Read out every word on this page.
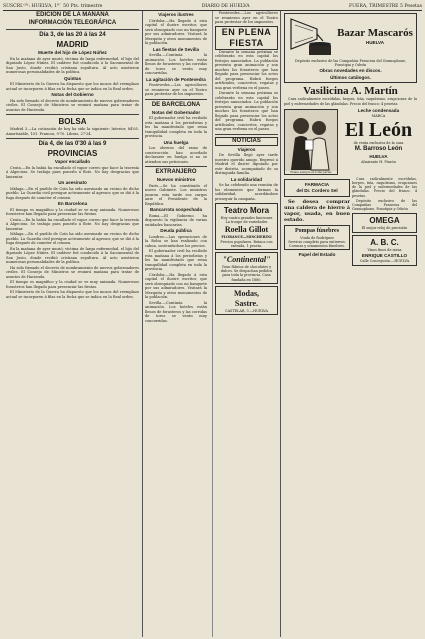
SUSCRI.ᴼᴺ: HUELVA, 1ᴿ˙ 50 Pts. trimestre	DIARIO DE HUELVA	FUERA, TRIMESTRE 5 Pesetas
EDICIÓN DE LA MAÑANA
INFORMACIÓN TELEGRÁFICA
Día 3, de las 20 á las 24
MADRID
Muerte del hijo de López Núñez
En la mañana de ayer murió, víctima de larga enfermedad, el hijo del diputado López Núñez. El cadáver fué conducido á la Sacramental de San Justo, donde recibió cristiana sepultura. Al acto asistieron numerosas personalidades de la política.
Quintas
El Ministerio de la Guerra ha dispuesto que los mozos del reemplazo actual se incorporen á filas en la fecha que se indica en la Real orden.
Notas del Gobierno
Ha sido firmado el decreto de nombramiento de nuevos gobernadores civiles. El Consejo de Ministros se reunirá mañana para tratar de asuntos de Hacienda.
BOLSA
Madrid 3.—La cotización de hoy ha sido la siguiente: Interior, 84'05. Amortizable, 101. Francos, 9'70. Libras, 27'24.
Día 4, de las 0'30 á las 9
PROVINCIAS
Vapor encallado
Ceuta.—En la bahía ha encallado el vapor correo que hace la travesía á Algeciras. Se trabaja para ponerlo á flote. No hay desgracias que lamentar.
Un asesinato
Málaga.—En el pueblo de Coín ha sido asesinado un vecino de dicho pueblo. La Guardia civil persigue activamente al agresor, que se dió á la fuga después de cometer el crimen.
En Barcelona
El tiempo es magnífico y la ciudad se ve muy animada. Numerosos forasteros han llegado para presenciar las fiestas.
Ceuta.—En la bahía ha encallado el vapor correo que hace la travesía á Algeciras. Se trabaja para ponerlo á flote. No hay desgracias que lamentar.
Málaga.—En el pueblo de Coín ha sido asesinado un vecino de dicho pueblo. La Guardia civil persigue activamente al agresor, que se dió á la fuga después de cometer el crimen.
En la mañana de ayer murió, víctima de larga enfermedad, el hijo del diputado López Núñez. El cadáver fué conducido á la Sacramental de San Justo, donde recibió cristiana sepultura. Al acto asistieron numerosas personalidades de la política.
Ha sido firmado el decreto de nombramiento de nuevos gobernadores civiles. El Consejo de Ministros se reunirá mañana para tratar de asuntos de Hacienda.
El tiempo es magnífico y la ciudad se ve muy animada. Numerosos forasteros han llegado para presenciar las fiestas.
El Ministerio de la Guerra ha dispuesto que los mozos del reemplazo actual se incorporen á filas en la fecha que se indica en la Real orden.
Viajeros ilustres
Córdoba.—Ha llegado á esta capital el ilustre escritor, que será obsequiado con un banquete por sus admiradores. Visitará la Mezquita y otros monumentos de la población.
Las fiestas de Sevilla
Sevilla.—Continúa la animación. Los hoteles están llenos de forasteros y las corridas de toros se verán muy concurridas.
La agitación de Pontevedra
Pontevedra.—Los agricultores se reunieron ayer en el Teatro para protestar de los impuestos.
DE BARCELONA
Notas del Gobernador
El gobernador civil ha recibido esta mañana á los periodistas y les ha manifestado que reina tranquilidad completa en toda la provincia.
Una huelga
Los obreros del ramo de construcción han acordado declararse en huelga si no se atienden sus peticiones.
EXTRANJERO
Nuevos ministros
París.—Se ha constituido el nuevo Gabinete. Los ministros juraron esta tarde sus cargos ante el Presidente de la República.
Bancarrota sospechada
Roma.—El Gobierno ha dispuesto la vigilancia de varias entidades bancarias.
Deuda pública
Londres.—Las operaciones de la Bolsa se han realizado con calma, sosteniéndose los precios.
El gobernador civil ha recibido esta mañana á los periodistas y les ha manifestado que reina tranquilidad completa en toda la provincia.
Córdoba.—Ha llegado á esta capital el ilustre escritor, que será obsequiado con un banquete por sus admiradores. Visitará la Mezquita y otros monumentos de la población.
Sevilla.—Continúa la animación. Los hoteles están llenos de forasteros y las corridas de toros se verán muy concurridas.
Pontevedra.—Los agricultores se reunieron ayer en el Teatro para protestar de los impuestos.
EN PLENA FIESTA
Durante la semana próxima se celebrarán en esta capital los festejos anunciados. La población presenta gran animación y son muchos los forasteros que han llegado para presenciar los actos del programa. Habrá fuegos artificiales, conciertos, regatas y una gran verbena en el paseo.
Durante la semana próxima se celebrarán en esta capital los festejos anunciados. La población presenta gran animación y son muchos los forasteros que han llegado para presenciar los actos del programa. Habrá fuegos artificiales, conciertos, regatas y una gran verbena en el paseo.
NOTICIAS
Viajeros
De Sevilla llegó ayer tarde nuestro querido amigo. Regresó á Madrid el ilustre diputado por este distrito, acompañado de su distinguida familia.
La solidaridad
Se ha celebrado una reunión de los elementos que forman la solidaridad, acordándose proseguir la campaña.
Teatro Mora
Hoy cuatro grandes funciones
La troupe de variedades
Roella Gillot
FLORANCE—MISCHERINI
Precios populares. Butaca con entrada, 1 peseta.
"Continental"
Gran fábrica de chocolates y dulces. Se despachan pedidos para toda la provincia. Casa fundada en 1880.
Modas,
Sastre.
CASTELAR, 3.—HUELVA
Bazar Mascarós
HUELVA
Depósito exclusivo de las Compañías Francesa del Gramophone, Fonotipia y Odeón
Obras novedades en discos.
Últimos catálogos.
Vasilicina A. Martín
Cura radicalmente escrófulas, herpes, tiña, raquitismo, erupciones de la piel y enfermedades de las glándulas. Precio del frasco: 4 pesetas.
Pídase siempre en todas partes
Leche condensada
MARCA
El León
de venta exclusiva de la casa
M. Barroso León
HUELVA
Almirante H. Pinzón
FARMACIA
del Dr. Cordero Sel
Se desea comprar una caldera de hierro á vapor, usada, en buen estado.
Pompas fúnebres
Viuda de Rodríguez
Servicio completo para entierros. Coronas y ornamentos fúnebres.
Papel del Estado
Cura radicalmente escrófulas, herpes, tiña, raquitismo, erupciones de la piel y enfermedades de las glándulas. Precio del frasco: 4 pesetas.
Depósito exclusivo de las Compañías Francesa del Gramophone, Fonotipia y Odeón
OMEGA
El mejor reloj de precisión
A. B. C.
Vinos finos de mesa
ENRIQUE CASTILLO
Calle Concepción.—HUELVA
